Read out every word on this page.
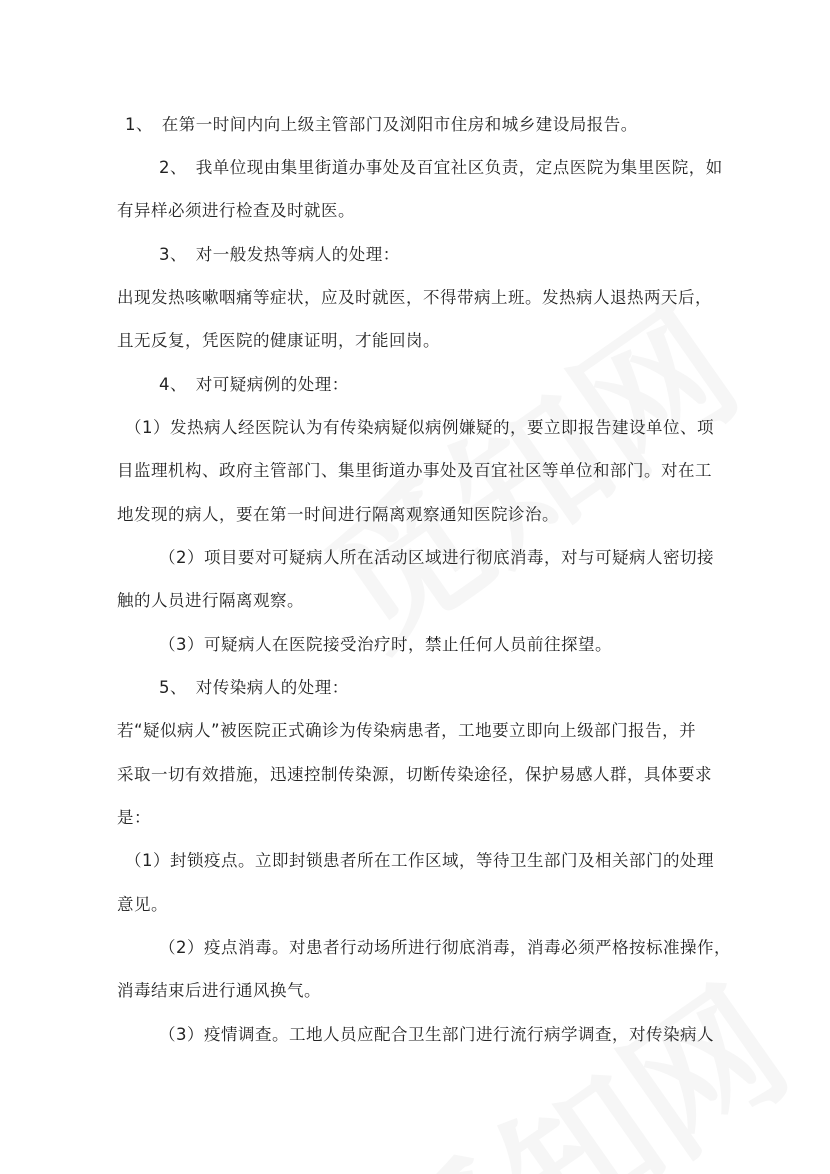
1、　在第一时间内向上级主管部门及浏阳市住房和城乡建设局报告。
2、　我单位现由集里街道办事处及百宜社区负责，定点医院为集里医院，如
有异样必须进行检查及时就医。
3、　对一般发热等病人的处理：
出现发热咳嗽咽痛等症状，应及时就医，不得带病上班。发热病人退热两天后，
且无反复，凭医院的健康证明，才能回岗。
4、　对可疑病例的处理：
（1）发热病人经医院认为有传染病疑似病例嫌疑的，要立即报告建设单位、项
目监理机构、政府主管部门、集里街道办事处及百宜社区等单位和部门。对在工
地发现的病人，要在第一时间进行隔离观察通知医院诊治。
（2）项目要对可疑病人所在活动区域进行彻底消毒，对与可疑病人密切接
触的人员进行隔离观察。
（3）可疑病人在医院接受治疗时，禁止任何人员前往探望。
5、　对传染病人的处理：
若“疑似病人”被医院正式确诊为传染病患者，工地要立即向上级部门报告，并
采取一切有效措施，迅速控制传染源，切断传染途径，保护易感人群，具体要求
是：
（1）封锁疫点。立即封锁患者所在工作区域，等待卫生部门及相关部门的处理
意见。
（2）疫点消毒。对患者行动场所进行彻底消毒，消毒必须严格按标准操作，
消毒结束后进行通风换气。
（3）疫情调查。工地人员应配合卫生部门进行流行病学调查，对传染病人
